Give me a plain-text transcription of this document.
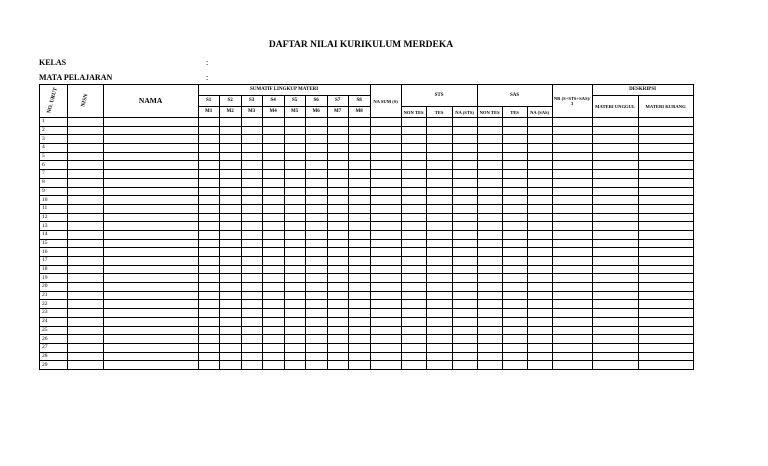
DAFTAR NILAI KURIKULUM MERDEKA
KELAS	:
MATA PELAJARAN	:
NO. URUT	NISN	NAMA	SUMATIF LINGKUP MATERI								NA SUM (S)	STS			SAS			NR (S+STS+SAS)/ 3	DESKRIPSI	
			S1	S2	S3	S4	S5	S6	S7	S8									MATERI UNGGUL	MATERI KURANG
			M1	M2	M3	M4	M5	M6	M7	M8		NON TES	TES	NA (STS)	NON TES	TES	NA (SAS)			
1																				
2																				
3																				
4																				
5																				
6																				
7																				
8																				
9																				
10																				
11																				
12																				
13																				
14																				
15																				
16																				
17																				
18																				
19																				
20																				
21																				
22																				
23																				
24																				
25																				
26																				
27																				
28																				
29																				
